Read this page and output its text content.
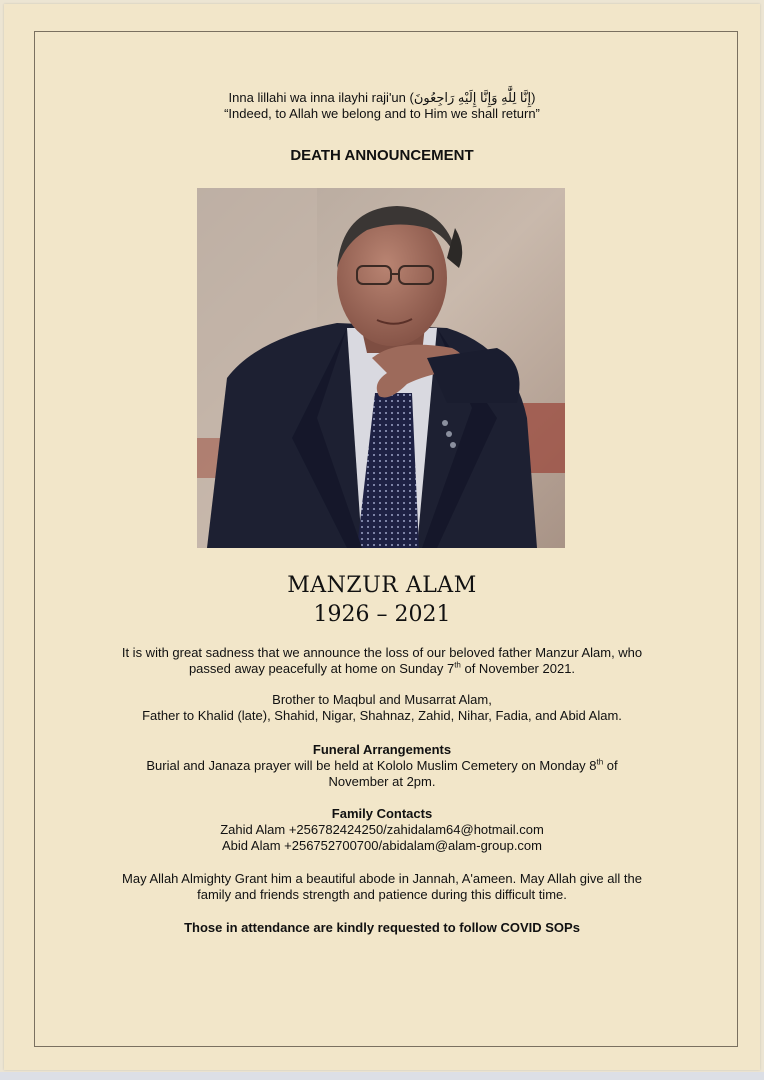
Inna lillahi wa inna ilayhi raji'un (إِنَّا لِلَّٰهِ وَإِنَّا إِلَيْهِ رَاجِعُونَ)
“Indeed, to Allah we belong and to Him we shall return”
DEATH ANNOUNCEMENT
MANZUR ALAM
1926 – 2021
It is with great sadness that we announce the loss of our beloved father Manzur Alam, who
passed away peacefully at home on Sunday 7th of November 2021.
Brother to Maqbul and Musarrat Alam,
Father to Khalid (late), Shahid, Nigar, Shahnaz, Zahid, Nihar, Fadia, and Abid Alam.
Funeral Arrangements
Burial and Janaza prayer will be held at Kololo Muslim Cemetery on Monday 8th of
November at 2pm.
Family Contacts
Zahid Alam +256782424250/zahidalam64@hotmail.com
Abid Alam +256752700700/abidalam@alam-group.com
May Allah Almighty Grant him a beautiful abode in Jannah, A'ameen. May Allah give all the
family and friends strength and patience during this difficult time.
Those in attendance are kindly requested to follow COVID SOPs
